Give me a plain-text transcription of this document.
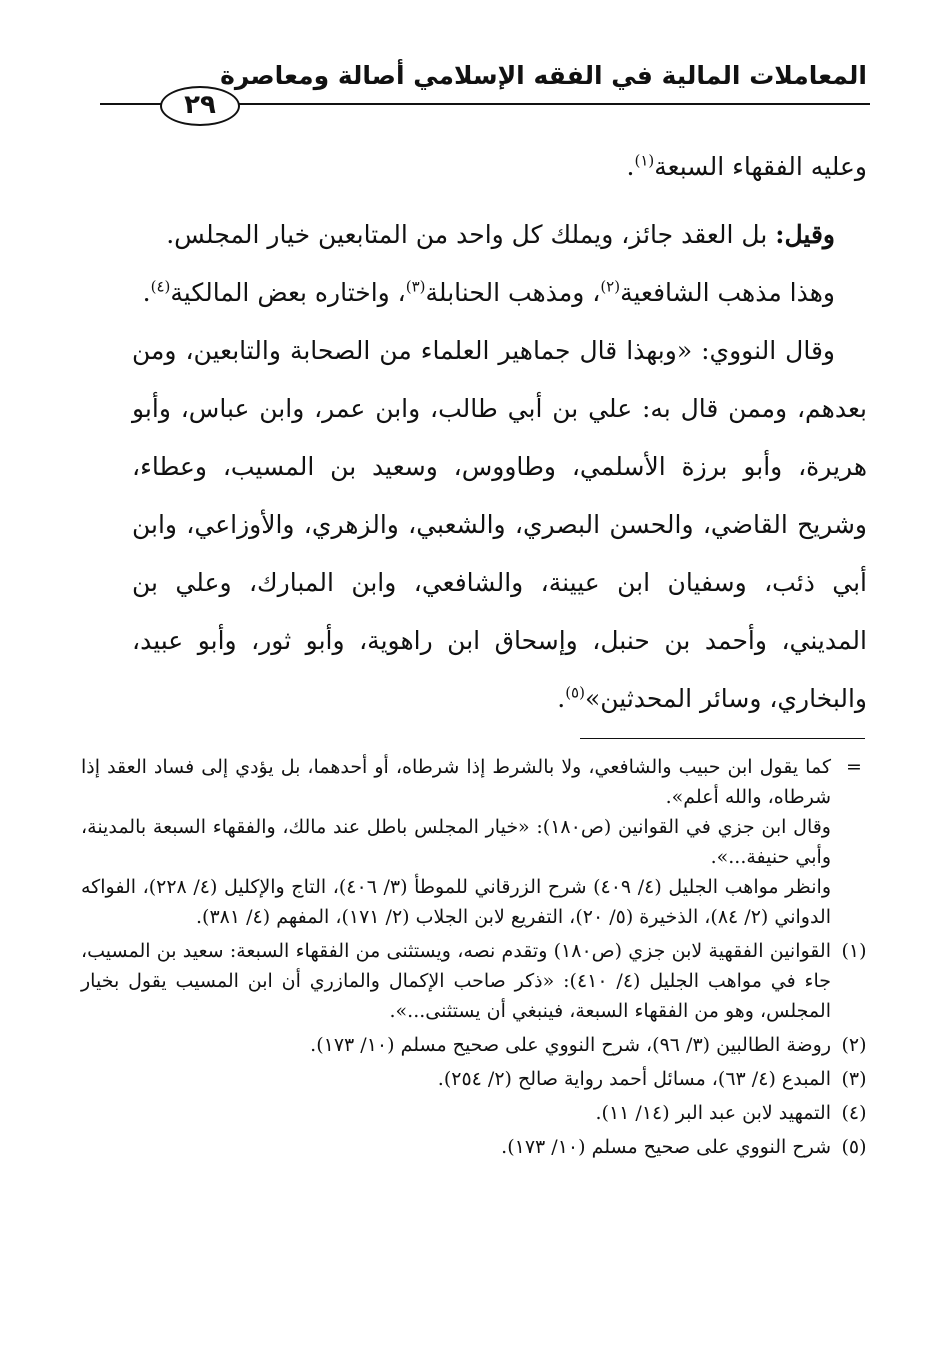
المعاملات المالية في الفقه الإسلامي أصالة ومعاصرة
٢٩

وعليه الفقهاء السبعة$^{(١)}$.

وقيل: بل العقد جائز، ويملك كل واحد من المتابعين خيار المجلس.

وهذا مذهب الشافعية$^{(٢)}$، ومذهب الحنابلة$^{(٣)}$، واختاره بعض المالكية$^{(٤)}$.

وقال النووي: «وبهذا قال جماهير العلماء من الصحابة والتابعين، ومن بعدهم، وممن قال به: علي بن أبي طالب، وابن عمر، وابن عباس، وأبو هريرة، وأبو برزة الأسلمي، وطاووس، وسعيد بن المسيب، وعطاء، وشريح القاضي، والحسن البصري، والشعبي، والزهري، والأوزاعي، وابن أبي ذئب، وسفيان ابن عيينة، والشافعي، وابن المبارك، وعلي بن المديني، وأحمد بن حنبل، وإسحاق ابن راهوية، وأبو ثور، وأبو عبيد، والبخاري، وسائر المحدثين»$^{(٥)}$.

=

كما يقول ابن حبيب والشافعي، ولا بالشرط إذا شرطاه، أو أحدهما، بل يؤدي إلى فساد العقد إذا شرطاه، والله أعلم».

وقال ابن جزي في القوانين (ص١٨٠): «خيار المجلس باطل عند مالك، والفقهاء السبعة بالمدينة، وأبي حنيفة...».

وانظر مواهب الجليل (٤/ ٤٠٩) شرح الزرقاني للموطأ (٣/ ٤٠٦)، التاج والإكليل (٤/ ٢٢٨)، الفواكه الدواني (٢/ ٨٤)، الذخيرة (٥/ ٢٠)، التفريع لابن الجلاب (٢/ ١٧١)، المفهم (٤/ ٣٨١).

(١)

القوانين الفقهية لابن جزي (ص١٨٠) وتقدم نصه، ويستثنى من الفقهاء السبعة: سعيد بن المسيب، جاء في مواهب الجليل (٤/ ٤١٠): «ذكر صاحب الإكمال والمازري أن ابن المسيب يقول بخيار المجلس، وهو من الفقهاء السبعة، فينبغي أن يستثنى...».

(٢)

روضة الطالبين (٣/ ٩٦)، شرح النووي على صحيح مسلم (١٠/ ١٧٣).

(٣)

المبدع (٤/ ٦٣)، مسائل أحمد رواية صالح (٢/ ٢٥٤).

(٤)

التمهيد لابن عبد البر (١٤/ ١١).

(٥)

شرح النووي على صحيح مسلم (١٠/ ١٧٣).
